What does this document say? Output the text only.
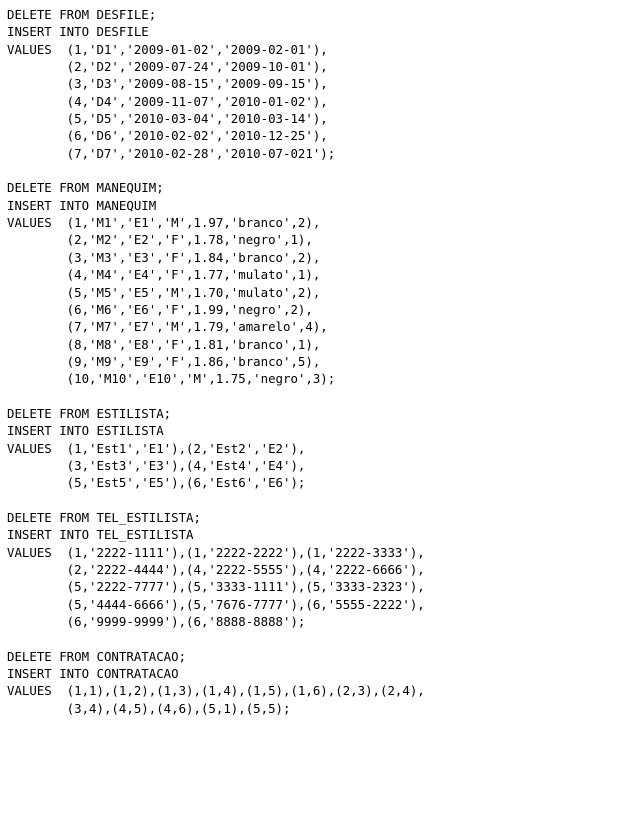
DELETE FROM DESFILE;
INSERT INTO DESFILE
VALUES  (1,'D1','2009-01-02','2009-02-01'),
(2,'D2','2009-07-24','2009-10-01'),
(3,'D3','2009-08-15','2009-09-15'),
(4,'D4','2009-11-07','2010-01-02'),
(5,'D5','2010-03-04','2010-03-14'),
(6,'D6','2010-02-02','2010-12-25'),
(7,'D7','2010-02-28','2010-07-021');
DELETE FROM MANEQUIM;
INSERT INTO MANEQUIM
VALUES  (1,'M1','E1','M',1.97,'branco',2),
(2,'M2','E2','F',1.78,'negro',1),
(3,'M3','E3','F',1.84,'branco',2),
(4,'M4','E4','F',1.77,'mulato',1),
(5,'M5','E5','M',1.70,'mulato',2),
(6,'M6','E6','F',1.99,'negro',2),
(7,'M7','E7','M',1.79,'amarelo',4),
(8,'M8','E8','F',1.81,'branco',1),
(9,'M9','E9','F',1.86,'branco',5),
(10,'M10','E10','M',1.75,'negro',3);
DELETE FROM ESTILISTA;
INSERT INTO ESTILISTA
VALUES  (1,'Est1','E1'),(2,'Est2','E2'),
(3,'Est3','E3'),(4,'Est4','E4'),
(5,'Est5','E5'),(6,'Est6','E6');
DELETE FROM TEL_ESTILISTA;
INSERT INTO TEL_ESTILISTA
VALUES  (1,'2222-1111'),(1,'2222-2222'),(1,'2222-3333'),
(2,'2222-4444'),(4,'2222-5555'),(4,'2222-6666'),
(5,'2222-7777'),(5,'3333-1111'),(5,'3333-2323'),
(5,'4444-6666'),(5,'7676-7777'),(6,'5555-2222'),
(6,'9999-9999'),(6,'8888-8888');
DELETE FROM CONTRATACAO;
INSERT INTO CONTRATACAO
VALUES  (1,1),(1,2),(1,3),(1,4),(1,5),(1,6),(2,3),(2,4),
(3,4),(4,5),(4,6),(5,1),(5,5);
